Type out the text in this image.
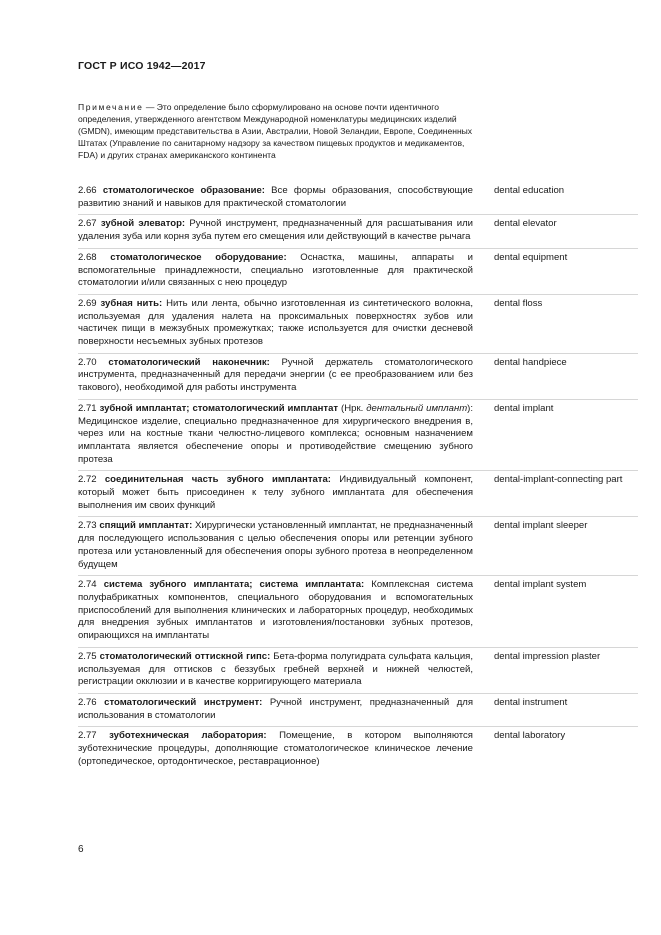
ГОСТ Р ИСО 1942—2017
Примечание — Это определение было сформулировано на основе почти идентичного определения, утвержденного агентством Международной номенклатуры медицинских изделий (GMDN), имеющим представительства в Азии, Австралии, Новой Зеландии, Европе, Соединенных Штатах (Управление по санитарному надзору за качеством пищевых продуктов и медикаментов, FDA) и других странах американского континента
2.66 стоматологическое образование: Все формы образования, способствующие развитию знаний и навыков для практической стоматологии
dental education
2.67 зубной элеватор: Ручной инструмент, предназначенный для расшатывания или удаления зуба или корня зуба путем его смещения или действующий в качестве рычага
dental elevator
2.68 стоматологическое оборудование: Оснастка, машины, аппараты и вспомогательные принадлежности, специально изготовленные для практической стоматологии и/или связанных с нею процедур
dental equipment
2.69 зубная нить: Нить или лента, обычно изготовленная из синтетического волокна, используемая для удаления налета на проксимальных поверхностях зубов или частичек пищи в межзубных промежутках; также используется для очистки десневой поверхности несъемных зубных протезов
dental floss
2.70 стоматологический наконечник: Ручной держатель стоматологического инструмента, предназначенный для передачи энергии (с ее преобразованием или без такового), необходимой для работы инструмента
dental handpiece
2.71 зубной имплантат; стоматологический имплантат (Нрк. дентальный имплант): Медицинское изделие, специально предназначенное для хирургического внедрения в, через или на костные ткани челюстно-лицевого комплекса; основным назначением имплантата является обеспечение опоры и противодействие смещению зубного протеза
dental implant
2.72 соединительная часть зубного имплантата: Индивидуальный компонент, который может быть присоединен к телу зубного имплантата для обеспечения выполнения им своих функций
dental-implant-connecting part
2.73 спящий имплантат: Хирургически установленный имплантат, не предназначенный для последующего использования с целью обеспечения опоры или ретенции зубного протеза или установленный для обеспечения опоры зубного протеза в неопределенном будущем
dental implant sleeper
2.74 система зубного имплантата; система имплантата: Комплексная система полуфабрикатных компонентов, специального оборудования и вспомогательных приспособлений для выполнения клинических и лабораторных процедур, необходимых для внедрения зубных имплантатов и изготовления/постановки зубных протезов, опирающихся на имплантаты
dental implant system
2.75 стоматологический оттискной гипс: Бета-форма полугидрата сульфата кальция, используемая для оттисков с беззубых гребней верхней и нижней челюстей, регистрации окклюзии и в качестве корригирующего материала
dental impression plaster
2.76 стоматологический инструмент: Ручной инструмент, предназначенный для использования в стоматологии
dental instrument
2.77 зуботехническая лаборатория: Помещение, в котором выполняются зуботехнические процедуры, дополняющие стоматологическое клиническое лечение (ортопедическое, ортодонтическое, реставрационное)
dental laboratory
6
